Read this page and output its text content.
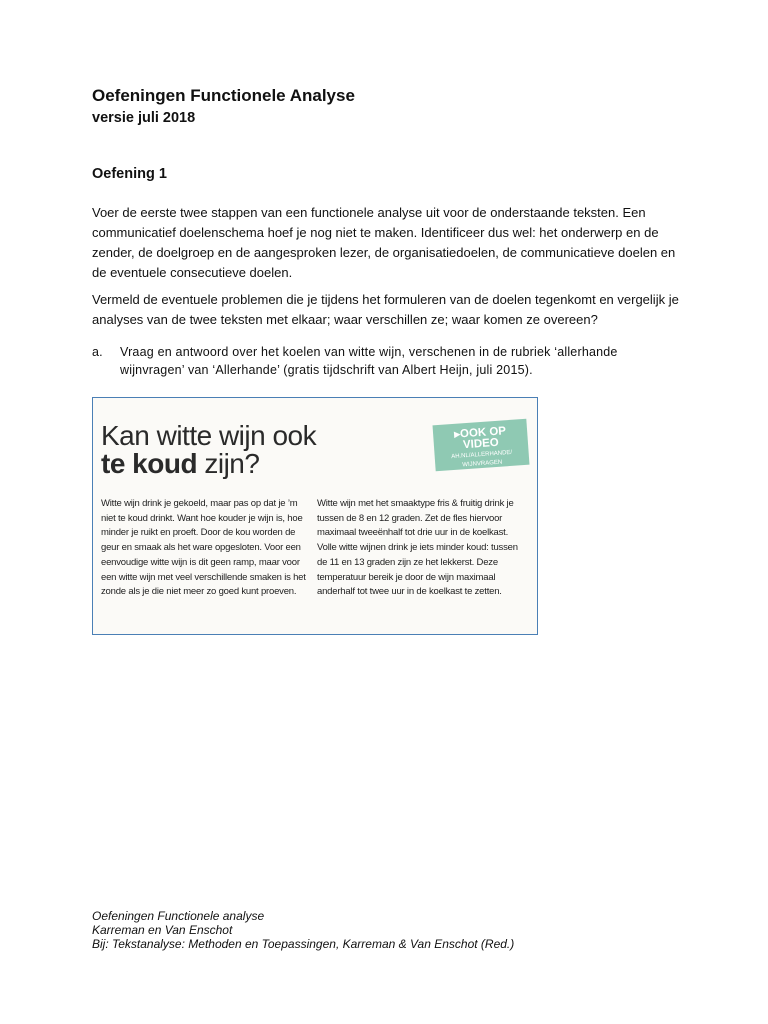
Oefeningen Functionele Analyse
versie juli 2018
Oefening 1

Voer de eerste twee stappen van een functionele analyse uit voor de onderstaande teksten. Een communicatief doelenschema hoef je nog niet te maken. Identificeer dus wel: het onderwerp en de zender, de doelgroep en de aangesproken lezer, de organisatiedoelen, de communicatieve doelen en de eventuele consecutieve doelen.

Vermeld de eventuele problemen die je tijdens het formuleren van de doelen tegenkomt en vergelijk je analyses van de twee teksten met elkaar; waar verschillen ze; waar komen ze overeen?

a. Vraag en antwoord over het koelen van witte wijn, verschenen in de rubriek ‘allerhande wijnvragen’ van ‘Allerhande’ (gratis tijdschrift van Albert Heijn, juli 2015).
Kan witte wijn ook
te koud zijn?
▸OOK OP
VIDEO
AH.NL/ALLERHANDE/
WIJNVRAGEN
Witte wijn drink je gekoeld, maar pas op dat je ’m niet te koud drinkt. Want hoe kouder je wijn is, hoe minder je ruikt en proeft. Door de kou worden de geur en smaak als het ware opgesloten. Voor een eenvoudige witte wijn is dit geen ramp, maar voor een witte wijn met veel verschillende smaken is het zonde als je die niet meer zo goed kunt proeven.
Witte wijn met het smaaktype fris & fruitig drink je tussen de 8 en 12 graden. Zet de fles hiervoor maximaal tweeënhalf tot drie uur in de koelkast. Volle witte wijnen drink je iets minder koud: tussen de 11 en 13 graden zijn ze het lekkerst. Deze temperatuur bereik je door de wijn maximaal anderhalf tot twee uur in de koelkast te zetten.
Oefeningen Functionele analyse
Karreman en Van Enschot
Bij: Tekstanalyse: Methoden en Toepassingen, Karreman & Van Enschot (Red.)
